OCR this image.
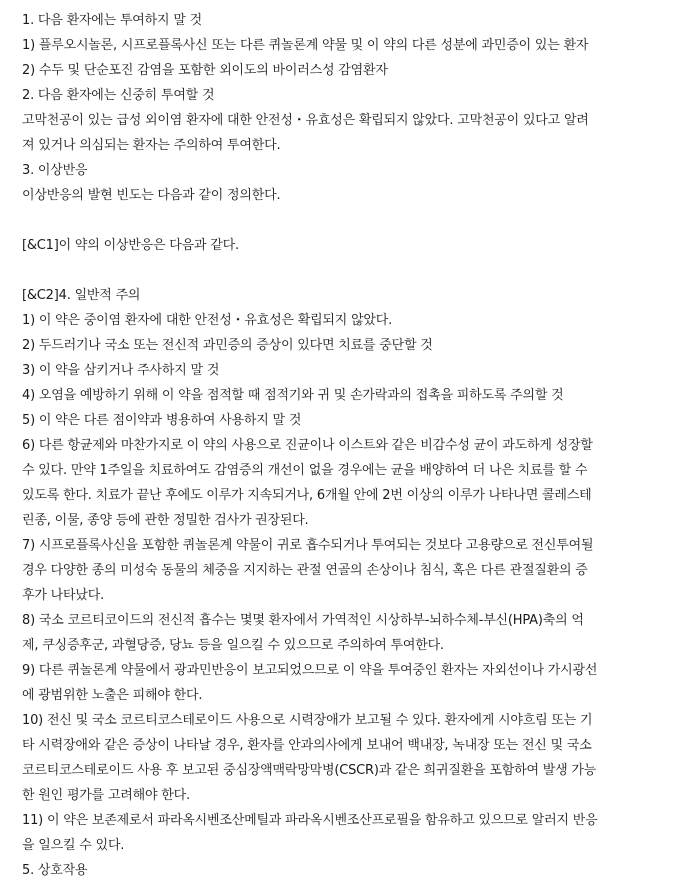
1. 다음 환자에는 투여하지 말 것
1) 플루오시놀론, 시프로플록사신 또는 다른 퀴놀론계 약물 및 이 약의 다른 성분에 과민증이 있는 환자
2) 수두 및 단순포진 감염을 포함한 외이도의 바이러스성 감염환자
2. 다음 환자에는 신중히 투여할 것
고막천공이 있는 급성 외이염 환자에 대한 안전성・유효성은 확립되지 않았다. 고막천공이 있다고 알려
져 있거나 의심되는 환자는 주의하여 투여한다.
3. 이상반응
이상반응의 발현 빈도는 다음과 같이 정의한다.
[&C1]이 약의 이상반응은 다음과 같다.
[&C2]4. 일반적 주의
1) 이 약은 중이염 환자에 대한 안전성・유효성은 확립되지 않았다.
2) 두드러기나 국소 또는 전신적 과민증의 증상이 있다면 치료를 중단할 것
3) 이 약을 삼키거나 주사하지 말 것
4) 오염을 예방하기 위해 이 약을 점적할 때 점적기와 귀 및 손가락과의 접촉을 피하도록 주의할 것
5) 이 약은 다른 점이약과 병용하여 사용하지 말 것
6) 다른 항균제와 마찬가지로 이 약의 사용으로 진균이나 이스트와 같은 비감수성 균이 과도하게 성장할
수 있다. 만약 1주일을 치료하여도 감염증의 개선이 없을 경우에는 균을 배양하여 더 나은 치료를 할 수
있도록 한다. 치료가 끝난 후에도 이루가 지속되거나, 6개월 안에 2번 이상의 이루가 나타나면 콜레스테
린종, 이물, 종양 등에 관한 정밀한 검사가 권장된다.
7) 시프로플록사신을 포함한 퀴놀론계 약물이 귀로 흡수되거나 투여되는 것보다 고용량으로 전신투여될
경우 다양한 종의 미성숙 동물의 체중을 지지하는 관절 연골의 손상이나 침식, 혹은 다른 관절질환의 증
후가 나타났다.
8) 국소 코르티코이드의 전신적 흡수는 몇몇 환자에서 가역적인 시상하부-뇌하수체-부신(HPA)축의 억
제, 쿠싱증후군, 과혈당증, 당뇨 등을 일으킬 수 있으므로 주의하여 투여한다.
9) 다른 퀴놀론계 약물에서 광과민반응이 보고되었으므로 이 약을 투여중인 환자는 자외선이나 가시광선
에 광범위한 노출은 피해야 한다.
10) 전신 및 국소 코르티코스테로이드 사용으로 시력장애가 보고될 수 있다. 환자에게 시야흐림 또는 기
타 시력장애와 같은 증상이 나타날 경우, 환자를 안과의사에게 보내어 백내장, 녹내장 또는 전신 및 국소
코르티코스테로이드 사용 후 보고된 중심장액맥락망막병(CSCR)과 같은 희귀질환을 포함하여 발생 가능
한 원인 평가를 고려해야 한다.
11) 이 약은 보존제로서 파라옥시벤조산메틸과 파라옥시벤조산프로필을 함유하고 있으므로 알러지 반응
을 일으킬 수 있다.
5. 상호작용
